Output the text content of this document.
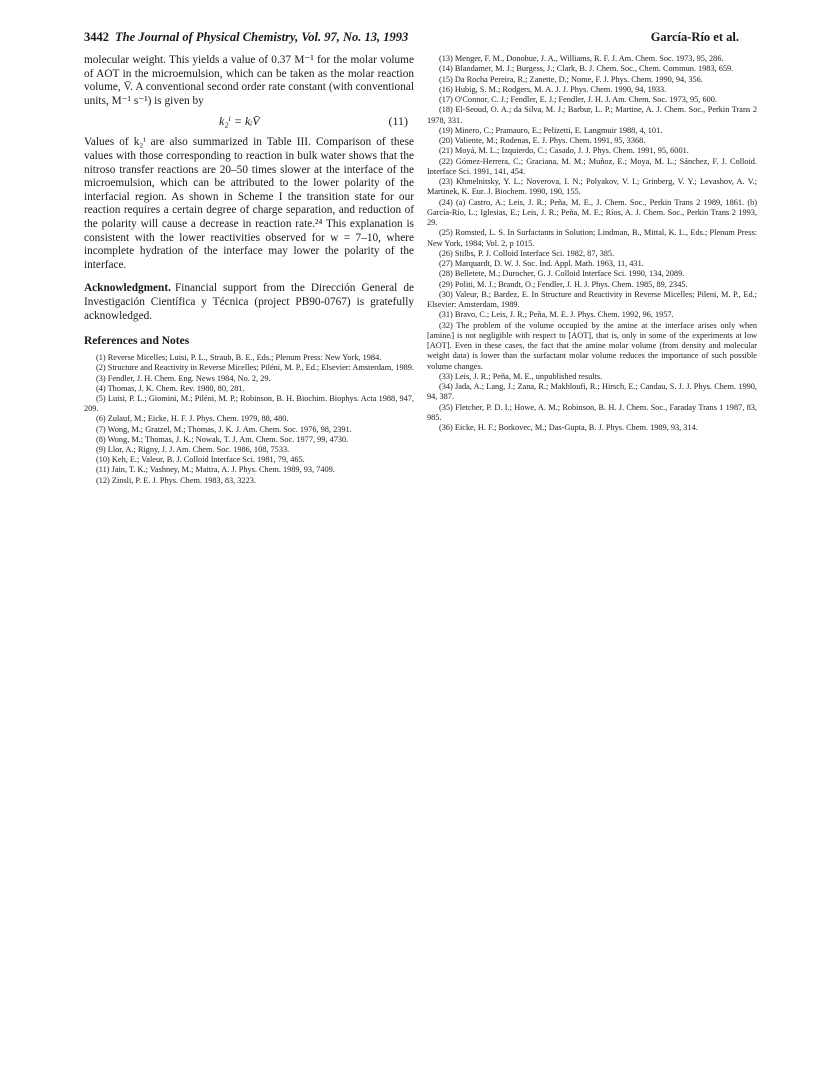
3442 The Journal of Physical Chemistry, Vol. 97, No. 13, 1993	García-Río et al.

molecular weight. This yields a value of 0.37 M⁻¹ for the molar volume of AOT in the microemulsion, which can be taken as the molar reaction volume, V̄. A conventional second order rate constant (with conventional units, M⁻¹ s⁻¹) is given by

k₂ⁱ = kᵢV̄	(11)

Values of k₂ⁱ are also summarized in Table III. Comparison of these values with those corresponding to reaction in bulk water shows that the nitroso transfer reactions are 20–50 times slower at the interface of the microemulsion, which can be attributed to the lower polarity of the interfacial region. As shown in Scheme I the transition state for our reaction requires a certain degree of charge separation, and reduction of the polarity will cause a decrease in reaction rate.²⁴ This explanation is consistent with the lower reactivities observed for w = 7–10, where incomplete hydration of the interface may lower the polarity of the interface.

Acknowledgment. Financial support from the Dirección General de Investigación Científica y Técnica (project PB90-0767) is gratefully acknowledged.

References and Notes

(1) Reverse Micelles; Luisi, P. L., Straub, B. E., Eds.; Plenum Press: New York, 1984.

(2) Structure and Reactivity in Reverse Micelles; Piléni, M. P., Ed.; Elsevier: Amsterdam, 1989.

(3) Fendler, J. H. Chem. Eng. News 1984, No. 2, 29.

(4) Thomas, J. K. Chem. Rev. 1980, 80, 281.

(5) Luisi, P. L.; Giomini, M.; Piléni, M. P.; Robinson, B. H. Biochim. Biophys. Acta 1988, 947, 209.

(6) Zulauf, M.; Eicke, H. F. J. Phys. Chem. 1979, 88, 480.

(7) Wong, M.; Gratzel, M.; Thomas, J. K. J. Am. Chem. Soc. 1976, 98, 2391.

(8) Wong, M.; Thomas, J. K.; Nowak, T. J. Am. Chem. Soc. 1977, 99, 4730.

(9) Llor, A.; Rigny, J. J. Am. Chem. Soc. 1986, 108, 7533.

(10) Keh, E.; Valeur, B. J. Colloid Interface Sci. 1981, 79, 465.

(11) Jain, T. K.; Vashney, M.; Maitra, A. J. Phys. Chem. 1989, 93, 7409.

(12) Zinsli, P. E. J. Phys. Chem. 1983, 83, 3223.

(13) Menger, F. M., Donohue, J. A., Williams, R. F. J. Am. Chem. Soc. 1973, 95, 286.

(14) Blandamer, M. J.; Burgess, J.; Clark, B. J. Chem. Soc., Chem. Commun. 1983, 659.

(15) Da Rocha Pereira, R.; Zanette, D.; Nome, F. J. Phys. Chem. 1990, 94, 356.

(16) Hubig, S. M.; Rodgers, M. A. J. J. Phys. Chem. 1990, 94, 1933.

(17) O'Connor, C. J.; Fendler, E. J.; Fendler, J. H. J. Am. Chem. Soc. 1973, 95, 600.

(18) El-Seoud, O. A.; da Silva, M. J.; Barbur, L. P.; Martine, A. J. Chem. Soc., Perkin Trans 2 1978, 331.

(19) Minero, C.; Pramauro, E.; Pelizetti, E. Langmuir 1988, 4, 101.

(20) Valiente, M.; Rodenas, E. J. Phys. Chem. 1991, 95, 3368.

(21) Moyá, M. L.; Izquierdo, C.; Casado, J. J. Phys. Chem. 1991, 95, 6001.

(22) Gómez-Herrera, C.; Graciana, M. M.; Muñoz, E.; Moya, M. L.; Sánchez, F. J. Colloid. Interface Sci. 1991, 141, 454.

(23) Khmelnitsky, Y. L.; Noverova, I. N.; Polyakov, V. I.; Grinberg, V. Y.; Levashov, A. V.; Martinek, K. Eur. J. Biochem. 1990, 190, 155.

(24) (a) Castro, A.; Leis, J. R.; Peña, M. E., J. Chem. Soc., Perkin Trans 2 1989, 1861. (b) García-Río, L.; Iglesias, E.; Leis, J. R.; Peña, M. E.; Ríos, A. J. Chem. Soc., Perkin Trans 2 1993, 29.

(25) Romsted, L. S. In Surfactants in Solution; Lindman, B., Mittal, K. L., Eds.; Plenum Press: New York, 1984; Vol. 2, p 1015.

(26) Stilbs, P. J. Colloid Interface Sci. 1982, 87, 385.

(27) Marquardt, D. W. J. Soc. Ind. Appl. Math. 1963, 11, 431.

(28) Belletete, M.; Durocher, G. J. Colloid Interface Sci. 1990, 134, 2089.

(29) Politi, M. J.; Brandt, O.; Fendler, J. H. J. Phys. Chem. 1985, 89, 2345.

(30) Valeur, B.; Bardez, E. In Structure and Reactivity in Reverse Micelles; Pileni, M. P., Ed.; Elsevier: Amsterdam, 1989.

(31) Bravo, C.; Leis, J. R.; Peña, M. E. J. Phys. Chem. 1992, 96, 1957.

(32) The problem of the volume occupied by the amine at the interface arises only when [amineᵢ] is not negligible with respect to [AOT], that is, only in some of the experiments at low [AOT]. Even in these cases, the fact that the amine molar volume (from density and molecular weight data) is lower than the surfactant molar volume reduces the importance of such possible volume changes.

(33) Leis, J. R.; Peña, M. E., unpublished results.

(34) Jada, A.; Lang, J.; Zana, R.; Makhloufi, R.; Hirsch, E.; Candau, S. J. J. Phys. Chem. 1990, 94, 387.

(35) Fletcher, P. D. I.; Howe, A. M.; Robinson, B. H. J. Chem. Soc., Faraday Trans 1 1987, 83, 985.

(36) Eicke, H. F.; Borkovec, M.; Das-Gupta, B. J. Phys. Chem. 1989, 93, 314.
